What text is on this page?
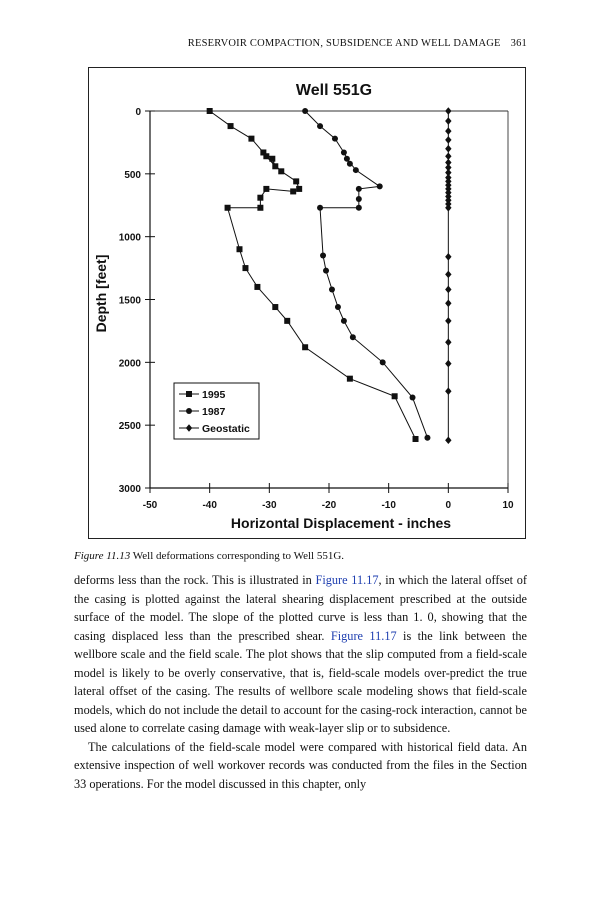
RESERVOIR COMPACTION, SUBSIDENCE AND WELL DAMAGE 361
Well 551G
0
500
1000
1500
2000
2500
3000
-50	-40	-30	-20	-10	0	10
Horizontal Displacement - inches
Depth [feet]
1995
1987
Geostatic
Figure 11.13 Well deformations corresponding to Well 551G.

deforms less than the rock. This is illustrated in Figure 11.17, in which the lateral offset of the casing is plotted against the lateral shearing displacement prescribed at the outside surface of the model. The slope of the plotted curve is less than 1. 0, showing that the casing displaced less than the prescribed shear. Figure 11.17 is the link between the wellbore scale and the field scale. The plot shows that the slip computed from a field-scale model is likely to be overly conservative, that is, field-scale models over-predict the true lateral offset of the casing. The results of wellbore scale modeling shows that field-scale models, which do not include the detail to account for the casing-rock interaction, cannot be used alone to correlate casing damage with weak-layer slip or to subsidence.

The calculations of the field-scale model were compared with historical field data. An extensive inspection of well workover records was conducted from the files in the Section 33 operations. For the model discussed in this chapter, only
